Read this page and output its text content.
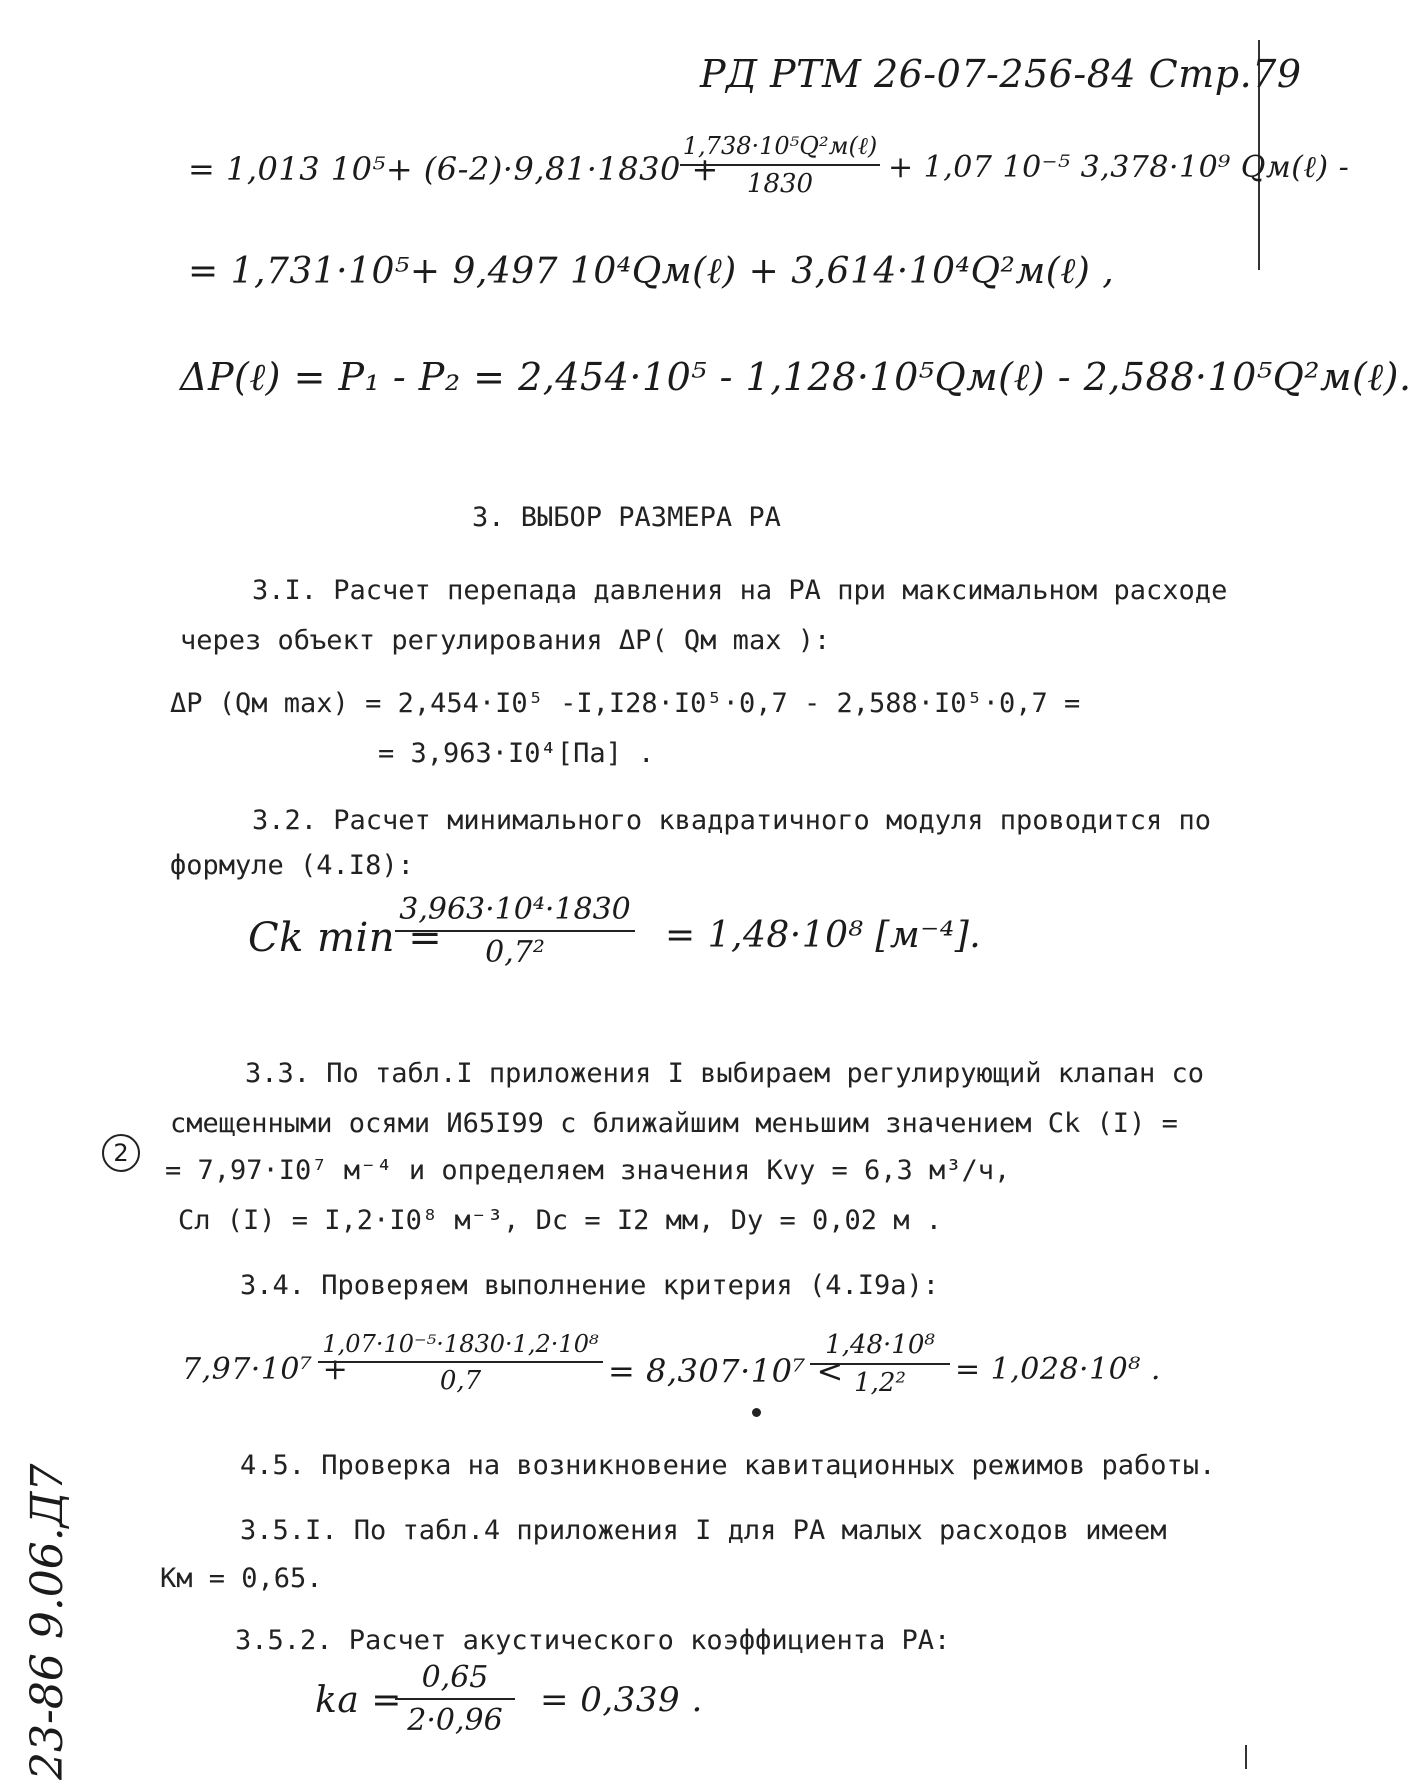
РД РТМ 26-07-256-84 Стр.79
= 1,013 10⁵+ (6-2)·9,81·1830 +
1,738·10⁵Q²м(ℓ)
1830	+ 1,07 10⁻⁵ 3,378·10⁹ Qм(ℓ) -
= 1,731·10⁵+ 9,497 10⁴Qм(ℓ) + 3,614·10⁴Q²м(ℓ) ,
ΔP(ℓ) = P₁ - P₂ = 2,454·10⁵ - 1,128·10⁵Qм(ℓ) - 2,588·10⁵Q²м(ℓ).
3. ВЫБОР РАЗМЕРА РА
3.I. Расчет перепада давления на РА при максимальном расходе
через объект регулирования ΔP( Qм max ):
ΔP (Qм max) = 2,454·I0⁵ -I,I28·I0⁵·0,7 - 2,588·I0⁵·0,7 =
= 3,963·I0⁴[Па] .
3.2. Расчет минимального квадратичного модуля проводится по
формуле (4.I8):
Ck min =
3,963·10⁴·1830
0,7²	= 1,48·10⁸ [м⁻⁴].
3.3. По табл.I приложения I выбираем регулирующий клапан со
смещенными осями И65I99 с ближайшим меньшим значением Ck (I) =
2
= 7,97·I0⁷ м⁻⁴ и определяем значения Kvy = 6,3 м³/ч,
Cл (I) = I,2·I0⁸ м⁻³, Dc = I2 мм, Dy = 0,02 м .
3.4. Проверяем выполнение критерия (4.I9a):
7,97·10⁷ +
1,07·10⁻⁵·1830·1,2·10⁸
0,7	= 8,307·10⁷ <
1,48·10⁸
1,2²	= 1,028·10⁸ .
4.5. Проверка на возникновение кавитационных режимов работы.
3.5.I. По табл.4 приложения I для РА малых расходов имеем
Kм = 0,65.
3.5.2. Расчет акустического коэффициента РА:
ka =
0,65
2·0,96
= 0,339 .
23-86 9.06.Д7
